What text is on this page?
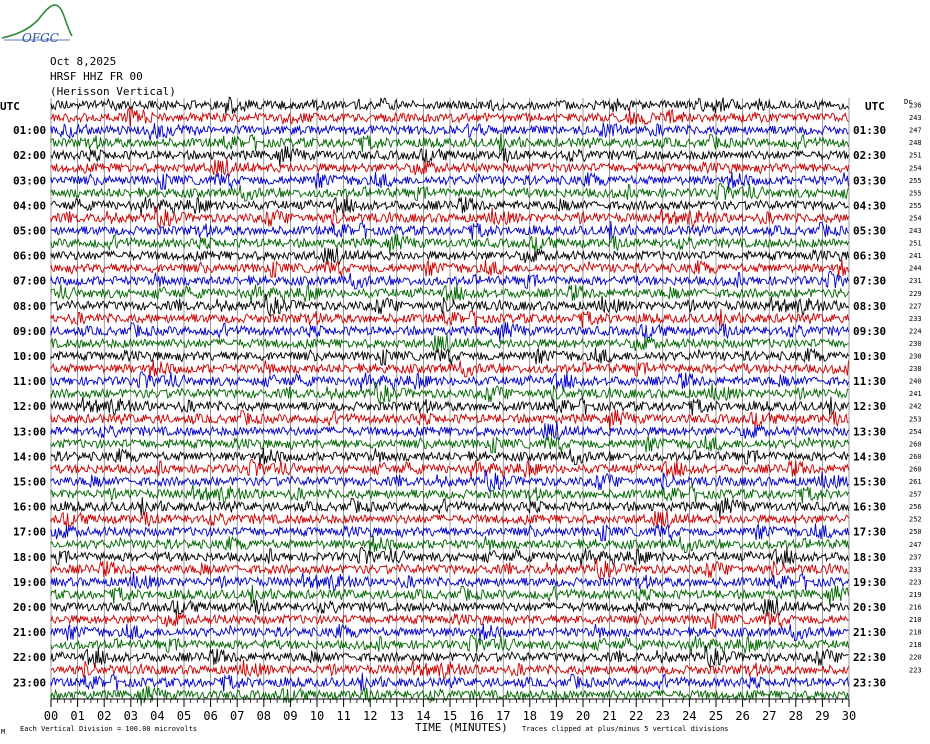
OFGC
Oct 8,2025
HRSF HHZ FR 00
(Herisson Vertical)
UTC	UTC	Dc
01:00
02:00
03:00
04:00
05:00
06:00
07:00
08:00
09:00
10:00
11:00
12:00
13:00
14:00
15:00
16:00
17:00
18:00
19:00
20:00
21:00
22:00
23:00
01:30
02:30
03:30
04:30
05:30
06:30
07:30
08:30
09:30
10:30
11:30
12:30
13:30
14:30
15:30
16:30
17:30
18:30
19:30
20:30
21:30
22:30
23:30
236
243
247
248
251
254
255
255
255
254
243
251
241
244
231
229
227
233
224
230
230
238
240
241
242
253
254
260
260
260
261
257
256
252
250
247
237
233
223
219
216
210
218
218
220
223
00 01 02 03 04 05 06 07 08 09 10 11 12 13 14 15 16 17 18 19 20 21 22 23 24 25 26 27 28 29 30
M Each Vertical Division = 100.00 microvolts	TIME (MINUTES) Traces clipped at plus/minus 5 vertical divisions
